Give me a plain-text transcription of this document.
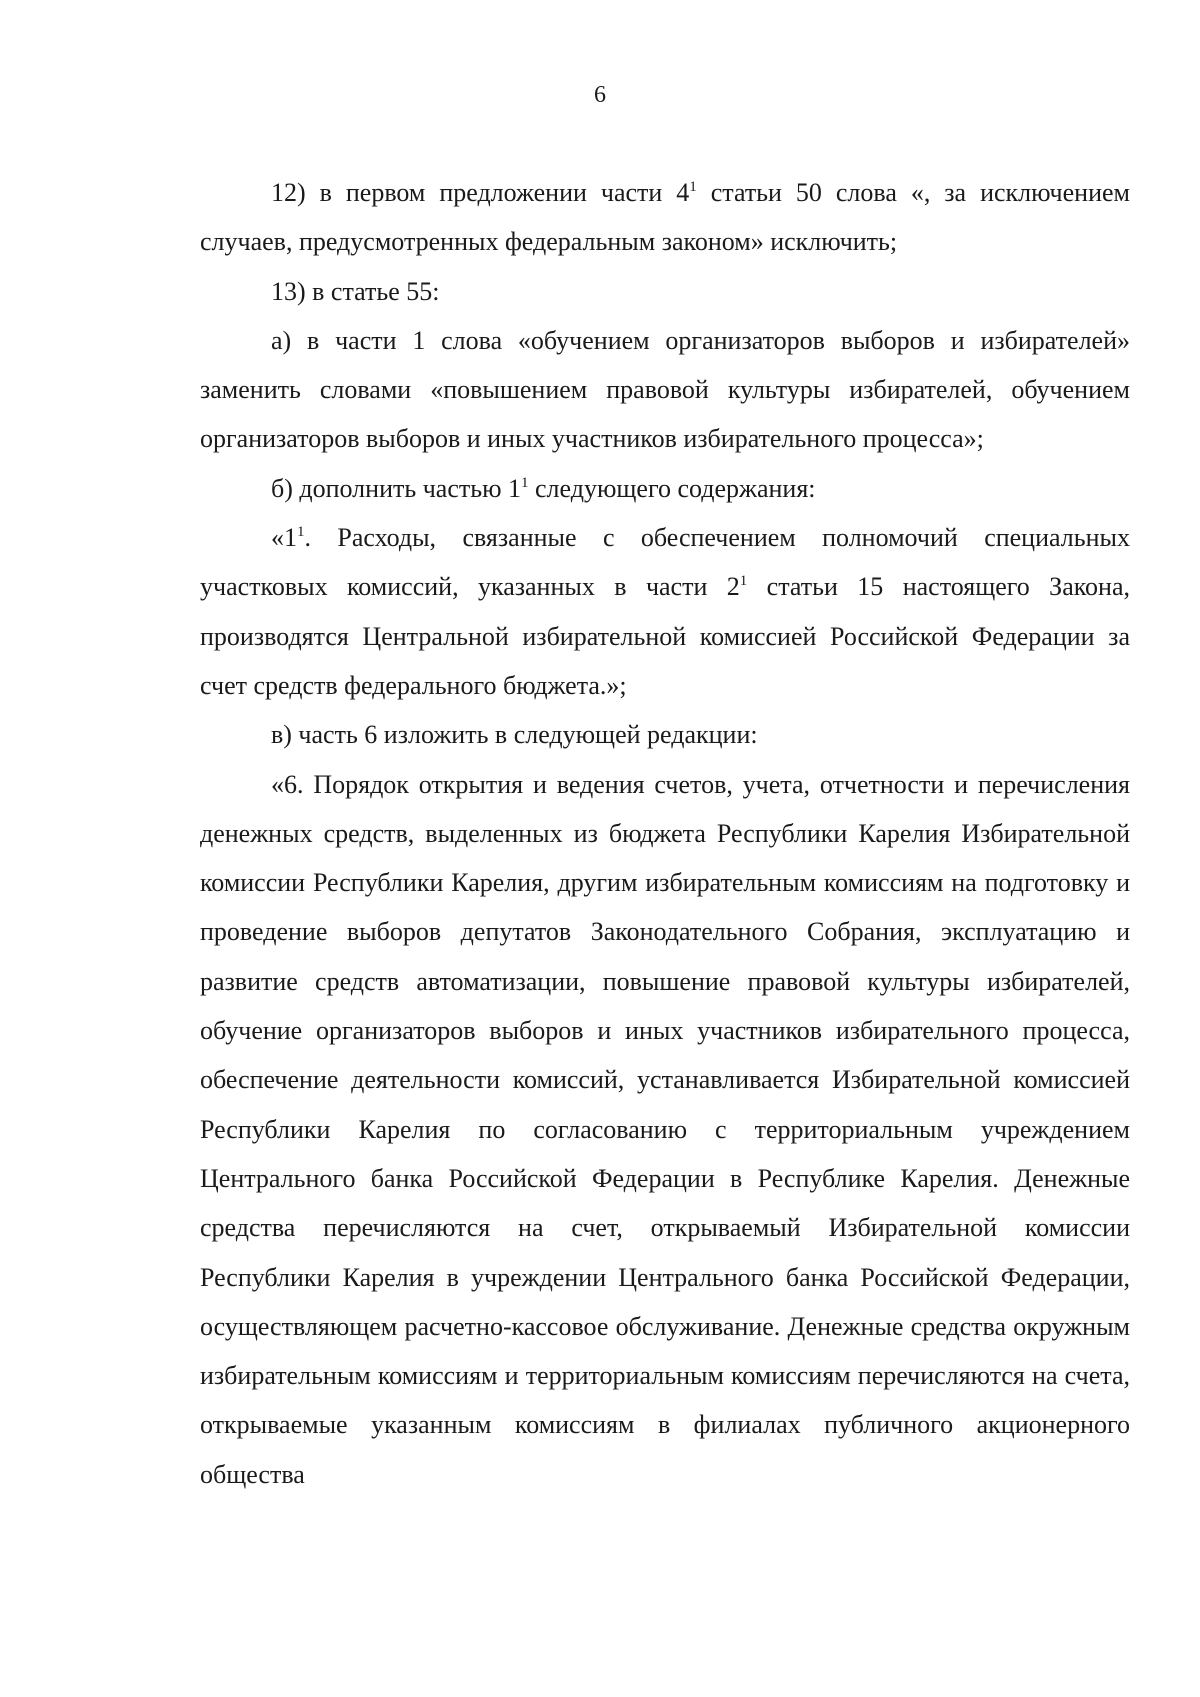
6

12) в первом предложении части $4^1$ статьи 50 слова «, за исключением случаев, предусмотренных федеральным законом» исключить;

13) в статье 55:

а) в части 1 слова «обучением организаторов выборов и избирателей» заменить словами «повышением правовой культуры избирателей, обучением организаторов выборов и иных участников избирательного процесса»;

б) дополнить частью $1^1$ следующего содержания:

«$1^1$. Расходы, связанные с обеспечением полномочий специальных участковых комиссий, указанных в части $2^1$ статьи 15 настоящего Закона, производятся Центральной избирательной комиссией Российской Федерации за счет средств федерального бюджета.»;

в) часть 6 изложить в следующей редакции:

«6. Порядок открытия и ведения счетов, учета, отчетности и перечисления денежных средств, выделенных из бюджета Республики Карелия Избирательной комиссии Республики Карелия, другим избирательным комиссиям на подготовку и проведение выборов депутатов Законодательного Собрания, эксплуатацию и развитие средств автоматизации, повышение правовой культуры избирателей, обучение организаторов выборов и иных участников избирательного процесса, обеспечение деятельности комиссий, устанавливается Избирательной комиссией Республики Карелия по согласованию с территориальным учреждением Центрального банка Российской Федерации в Республике Карелия. Денежные средства перечисляются на счет, открываемый Избирательной комиссии Республики Карелия в учреждении Центрального банка Российской Федерации, осуществляющем расчетно-кассовое обслуживание. Денежные средства окружным избирательным комиссиям и территориальным комиссиям перечисляются на счета, открываемые указанным комиссиям в филиалах публичного акционерного общества
